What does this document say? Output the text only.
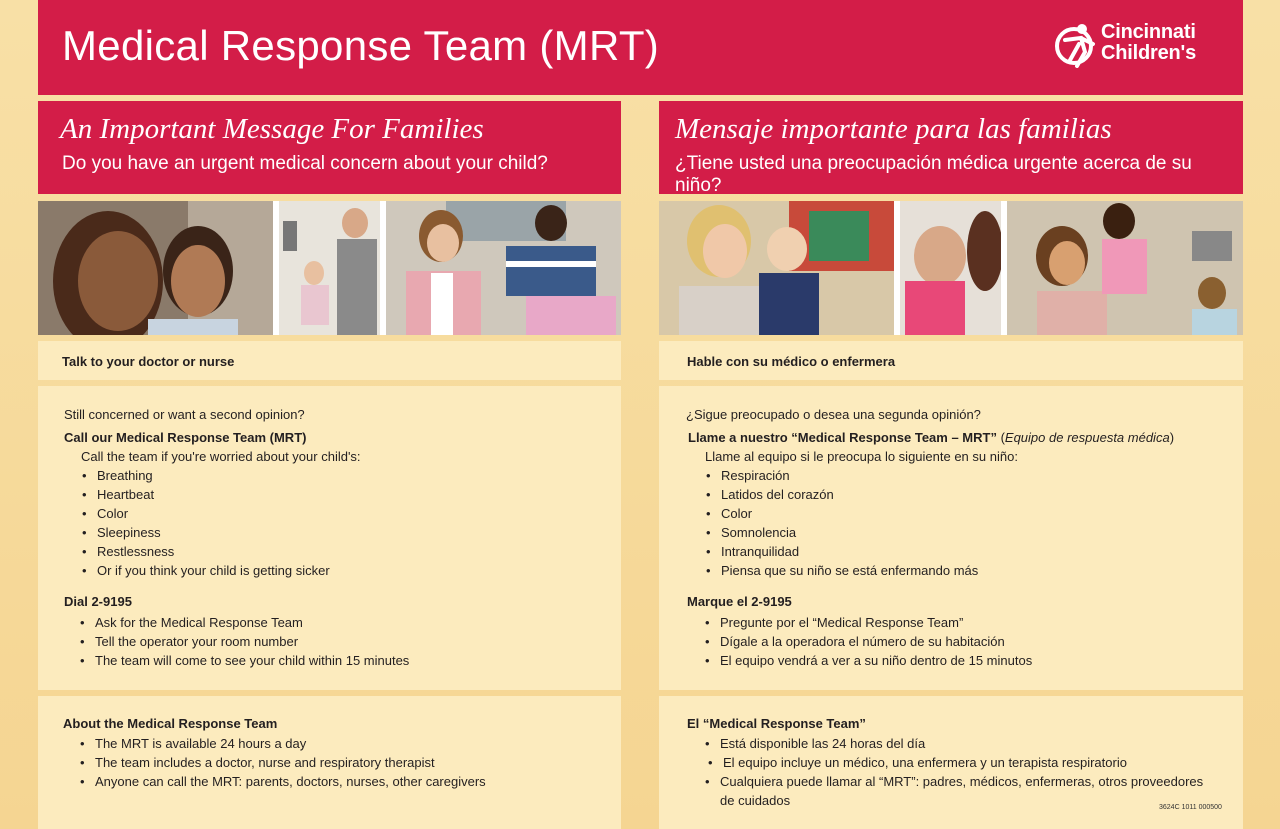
Medical Response Team (MRT)	Cincinnati
Children's
An Important Message For Families
Do you have an urgent medical concern about your child?
Talk to your doctor or nurse
Still concerned or want a second opinion?
Call our Medical Response Team (MRT)
Call the team if you're worried about your child's:
• Breathing
• Heartbeat
• Color
• Sleepiness
• Restlessness
• Or if you think your child is getting sicker
Dial 2-9195
• Ask for the Medical Response Team
• Tell the operator your room number
• The team will come to see your child within 15 minutes
About the Medical Response Team
• The MRT is available 24 hours a day
• The team includes a doctor, nurse and respiratory therapist
• Anyone can call the MRT: parents, doctors, nurses, other caregivers
Mensaje importante para las familias
¿Tiene usted una preocupación médica urgente acerca de su niño?
Hable con su médico o enfermera
¿Sigue preocupado o desea una segunda opinión?
Llame a nuestro “Medical Response Team – MRT” (Equipo de respuesta médica)
Llame al equipo si le preocupa lo siguiente en su niño:
• Respiración
• Latidos del corazón
• Color
• Somnolencia
• Intranquilidad
• Piensa que su niño se está enfermando más
Marque el 2-9195
• Pregunte por el “Medical Response Team”
• Dígale a la operadora el número de su habitación
• El equipo vendrá a ver a su niño dentro de 15 minutos
El “Medical Response Team”
• Está disponible las 24 horas del día
• El equipo incluye un médico, una enfermera y un terapista respiratorio
• Cualquiera puede llamar al “MRT”: padres, médicos, enfermeras, otros proveedores
de cuidados	3624C 1011 000500
